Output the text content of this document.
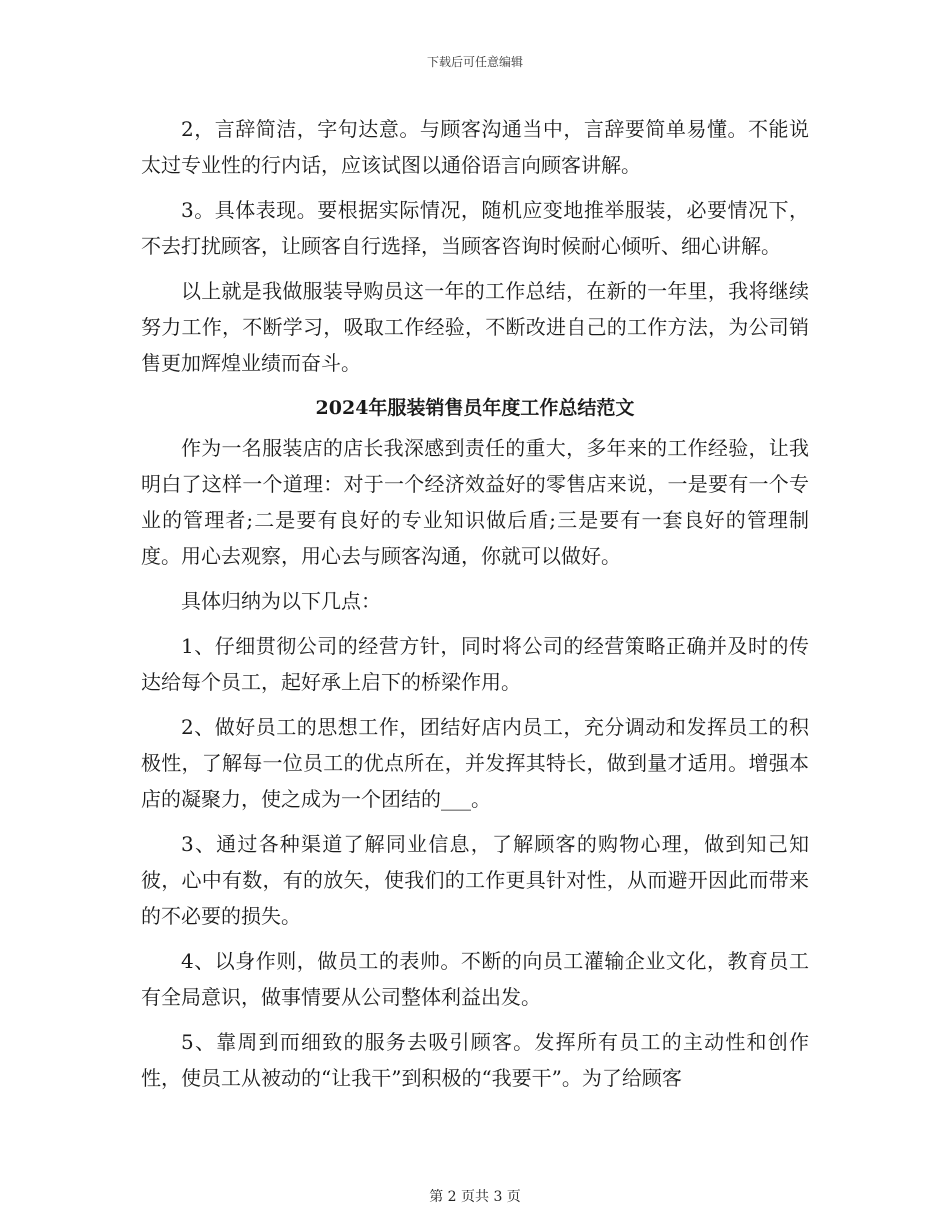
下载后可任意编辑

2，言辞简洁，字句达意。与顾客沟通当中，言辞要简单易懂。不能说太过专业性的行内话，应该试图以通俗语言向顾客讲解。

3。具体表现。要根据实际情况，随机应变地推举服装，必要情况下，不去打扰顾客，让顾客自行选择，当顾客咨询时候耐心倾听、细心讲解。

以上就是我做服装导购员这一年的工作总结，在新的一年里，我将继续努力工作，不断学习，吸取工作经验，不断改进自己的工作方法，为公司销售更加辉煌业绩而奋斗。

2024年服装销售员年度工作总结范文

作为一名服装店的店长我深感到责任的重大，多年来的工作经验，让我明白了这样一个道理：对于一个经济效益好的零售店来说，一是要有一个专业的管理者;二是要有良好的专业知识做后盾;三是要有一套良好的管理制度。用心去观察，用心去与顾客沟通，你就可以做好。

具体归纳为以下几点：

1、仔细贯彻公司的经营方针，同时将公司的经营策略正确并及时的传达给每个员工，起好承上启下的桥梁作用。

2、做好员工的思想工作，团结好店内员工，充分调动和发挥员工的积极性，了解每一位员工的优点所在，并发挥其特长，做到量才适用。增强本店的凝聚力，使之成为一个团结的___。

3、通过各种渠道了解同业信息，了解顾客的购物心理，做到知己知彼，心中有数，有的放矢，使我们的工作更具针对性，从而避开因此而带来的不必要的损失。

4、以身作则，做员工的表帅。不断的向员工灌输企业文化，教育员工有全局意识，做事情要从公司整体利益出发。

5、靠周到而细致的服务去吸引顾客。发挥所有员工的主动性和创作性，使员工从被动的“让我干”到积极的“我要干”。为了给顾客

第 2 页共 3 页
